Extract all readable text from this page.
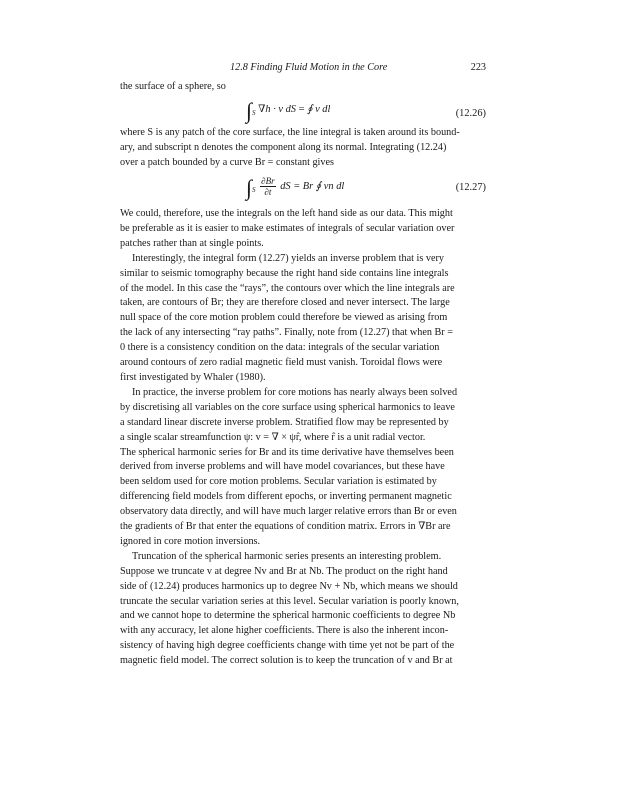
12.8 Finding Fluid Motion in the Core	223

the surface of a sphere, so

$\int_S$ ∇h · v dS = ∮ v dl	(12.26)

where S is any patch of the core surface, the line integral is taken around its bound-

ary, and subscript n denotes the component along its normal. Integrating (12.24)

over a patch bounded by a curve Br = constant gives

$\int_S \frac{\partial Br}{\partial t}$ dS = Br ∮ vn dl	(12.27)

We could, therefore, use the integrals on the left hand side as our data. This might

be preferable as it is easier to make estimates of integrals of secular variation over

patches rather than at single points.

Interestingly, the integral form (12.27) yields an inverse problem that is very

similar to seismic tomography because the right hand side contains line integrals

of the model. In this case the “rays”, the contours over which the line integrals are

taken, are contours of Br; they are therefore closed and never intersect. The large

null space of the core motion problem could therefore be viewed as arising from

the lack of any intersecting “ray paths”. Finally, note from (12.27) that when Br =

0 there is a consistency condition on the data: integrals of the secular variation

around contours of zero radial magnetic field must vanish. Toroidal flows were

first investigated by Whaler (1980).

In practice, the inverse problem for core motions has nearly always been solved

by discretising all variables on the core surface using spherical harmonics to leave

a standard linear discrete inverse problem. Stratified flow may be represented by

a single scalar streamfunction ψ: v = ∇ × ψr̂, where r̂ is a unit radial vector.

The spherical harmonic series for Br and its time derivative have themselves been

derived from inverse problems and will have model covariances, but these have

been seldom used for core motion problems. Secular variation is estimated by

differencing field models from different epochs, or inverting permanent magnetic

observatory data directly, and will have much larger relative errors than Br or even

the gradients of Br that enter the equations of condition matrix. Errors in ∇Br are

ignored in core motion inversions.

Truncation of the spherical harmonic series presents an interesting problem.

Suppose we truncate v at degree Nv and Br at Nb. The product on the right hand

side of (12.24) produces harmonics up to degree Nv + Nb, which means we should

truncate the secular variation series at this level. Secular variation is poorly known,

and we cannot hope to determine the spherical harmonic coefficients to degree Nb

with any accuracy, let alone higher coefficients. There is also the inherent incon-

sistency of having high degree coefficients change with time yet not be part of the

magnetic field model. The correct solution is to keep the truncation of v and Br at
